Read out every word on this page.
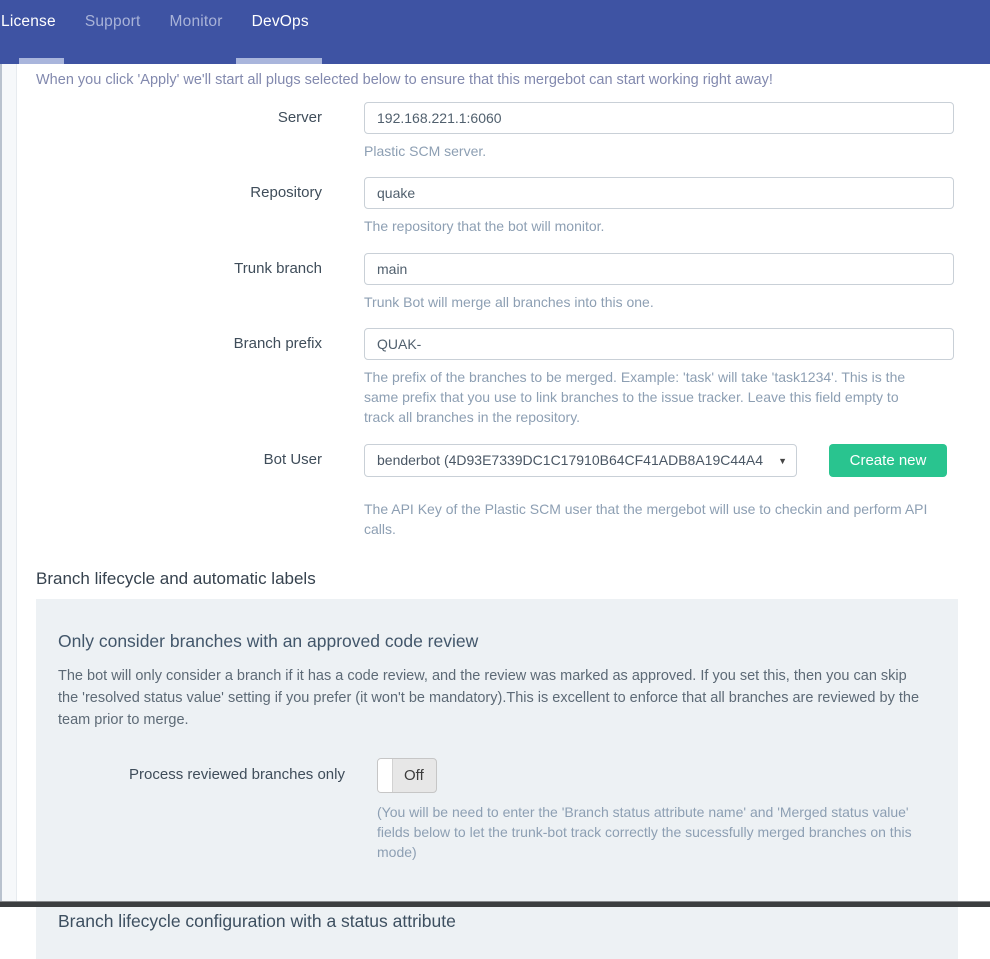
License Support Monitor DevOps

When you click 'Apply' we'll start all plugs selected below to ensure that this mergebot can start working right away!

Server
192.168.221.1:6060
Plastic SCM server.
Repository
quake
The repository that the bot will monitor.
Trunk branch
main
Trunk Bot will merge all branches into this one.
Branch prefix
QUAK-
The prefix of the branches to be merged. Example: 'task' will take 'task1234'. This is the same prefix that you use to link branches to the issue tracker. Leave this field empty to track all branches in the repository.
Bot User	benderbot (4D93E7339DC1C17910B64CF41ADB8A19C44A4	▼	Create new
The API Key of the Plastic SCM user that the mergebot will use to checkin and perform API calls.
Branch lifecycle and automatic labels
Only consider branches with an approved code review

The bot will only consider a branch if it has a code review, and the review was marked as approved. If you set this, then you can skip the 'resolved status value' setting if you prefer (it won't be mandatory).This is excellent to enforce that all branches are reviewed by the team prior to merge.

Process reviewed branches only	Off

(You will be need to enter the 'Branch status attribute name' and 'Merged status value' fields below to let the trunk-bot track correctly the sucessfully merged branches on this mode)

Branch lifecycle configuration with a status attribute
